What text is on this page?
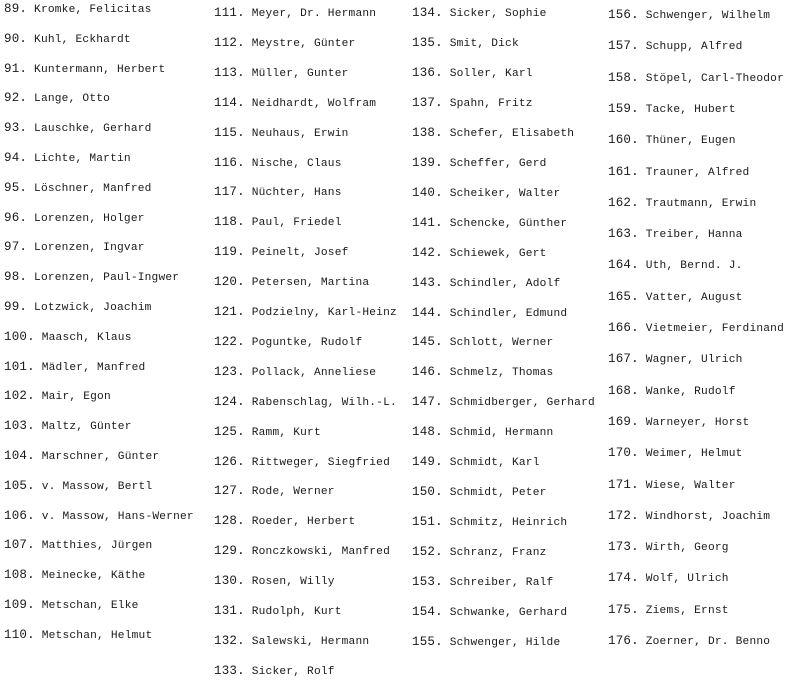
89. Kromke, Felicitas
90. Kuhl, Eckhardt
91. Kuntermann, Herbert
92. Lange, Otto
93. Lauschke, Gerhard
94. Lichte, Martin
95. Löschner, Manfred
96. Lorenzen, Holger
97. Lorenzen, Ingvar
98. Lorenzen, Paul-Ingwer
99. Lotzwick, Joachim
100. Maasch, Klaus
101. Mädler, Manfred
102. Mair, Egon
103. Maltz, Günter
104. Marschner, Günter
105. v. Massow, Bertl
106. v. Massow, Hans-Werner
107. Matthies, Jürgen
108. Meinecke, Käthe
109. Metschan, Elke
110. Metschan, Helmut
111. Meyer, Dr. Hermann
112. Meystre, Günter
113. Müller, Gunter
114. Neidhardt, Wolfram
115. Neuhaus, Erwin
116. Nische, Claus
117. Nüchter, Hans
118. Paul, Friedel
119. Peinelt, Josef
120. Petersen, Martina
121. Podzielny, Karl-Heinz
122. Poguntke, Rudolf
123. Pollack, Anneliese
124. Rabenschlag, Wilh.-L.
125. Ramm, Kurt
126. Rittweger, Siegfried
127. Rode, Werner
128. Roeder, Herbert
129. Ronczkowski, Manfred
130. Rosen, Willy
131. Rudolph, Kurt
132. Salewski, Hermann
133. Sicker, Rolf
134. Sicker, Sophie
135. Smit, Dick
136. Soller, Karl
137. Spahn, Fritz
138. Schefer, Elisabeth
139. Scheffer, Gerd
140. Scheiker, Walter
141. Schencke, Günther
142. Schiewek, Gert
143. Schindler, Adolf
144. Schindler, Edmund
145. Schlott, Werner
146. Schmelz, Thomas
147. Schmidberger, Gerhard
148. Schmid, Hermann
149. Schmidt, Karl
150. Schmidt, Peter
151. Schmitz, Heinrich
152. Schranz, Franz
153. Schreiber, Ralf
154. Schwanke, Gerhard
155. Schwenger, Hilde
156. Schwenger, Wilhelm
157. Schupp, Alfred
158. Stöpel, Carl-Theodor
159. Tacke, Hubert
160. Thüner, Eugen
161. Trauner, Alfred
162. Trautmann, Erwin
163. Treiber, Hanna
164. Uth, Bernd. J.
165. Vatter, August
166. Vietmeier, Ferdinand
167. Wagner, Ulrich
168. Wanke, Rudolf
169. Warneyer, Horst
170. Weimer, Helmut
171. Wiese, Walter
172. Windhorst, Joachim
173. Wirth, Georg
174. Wolf, Ulrich
175. Ziems, Ernst
176. Zoerner, Dr. Benno
